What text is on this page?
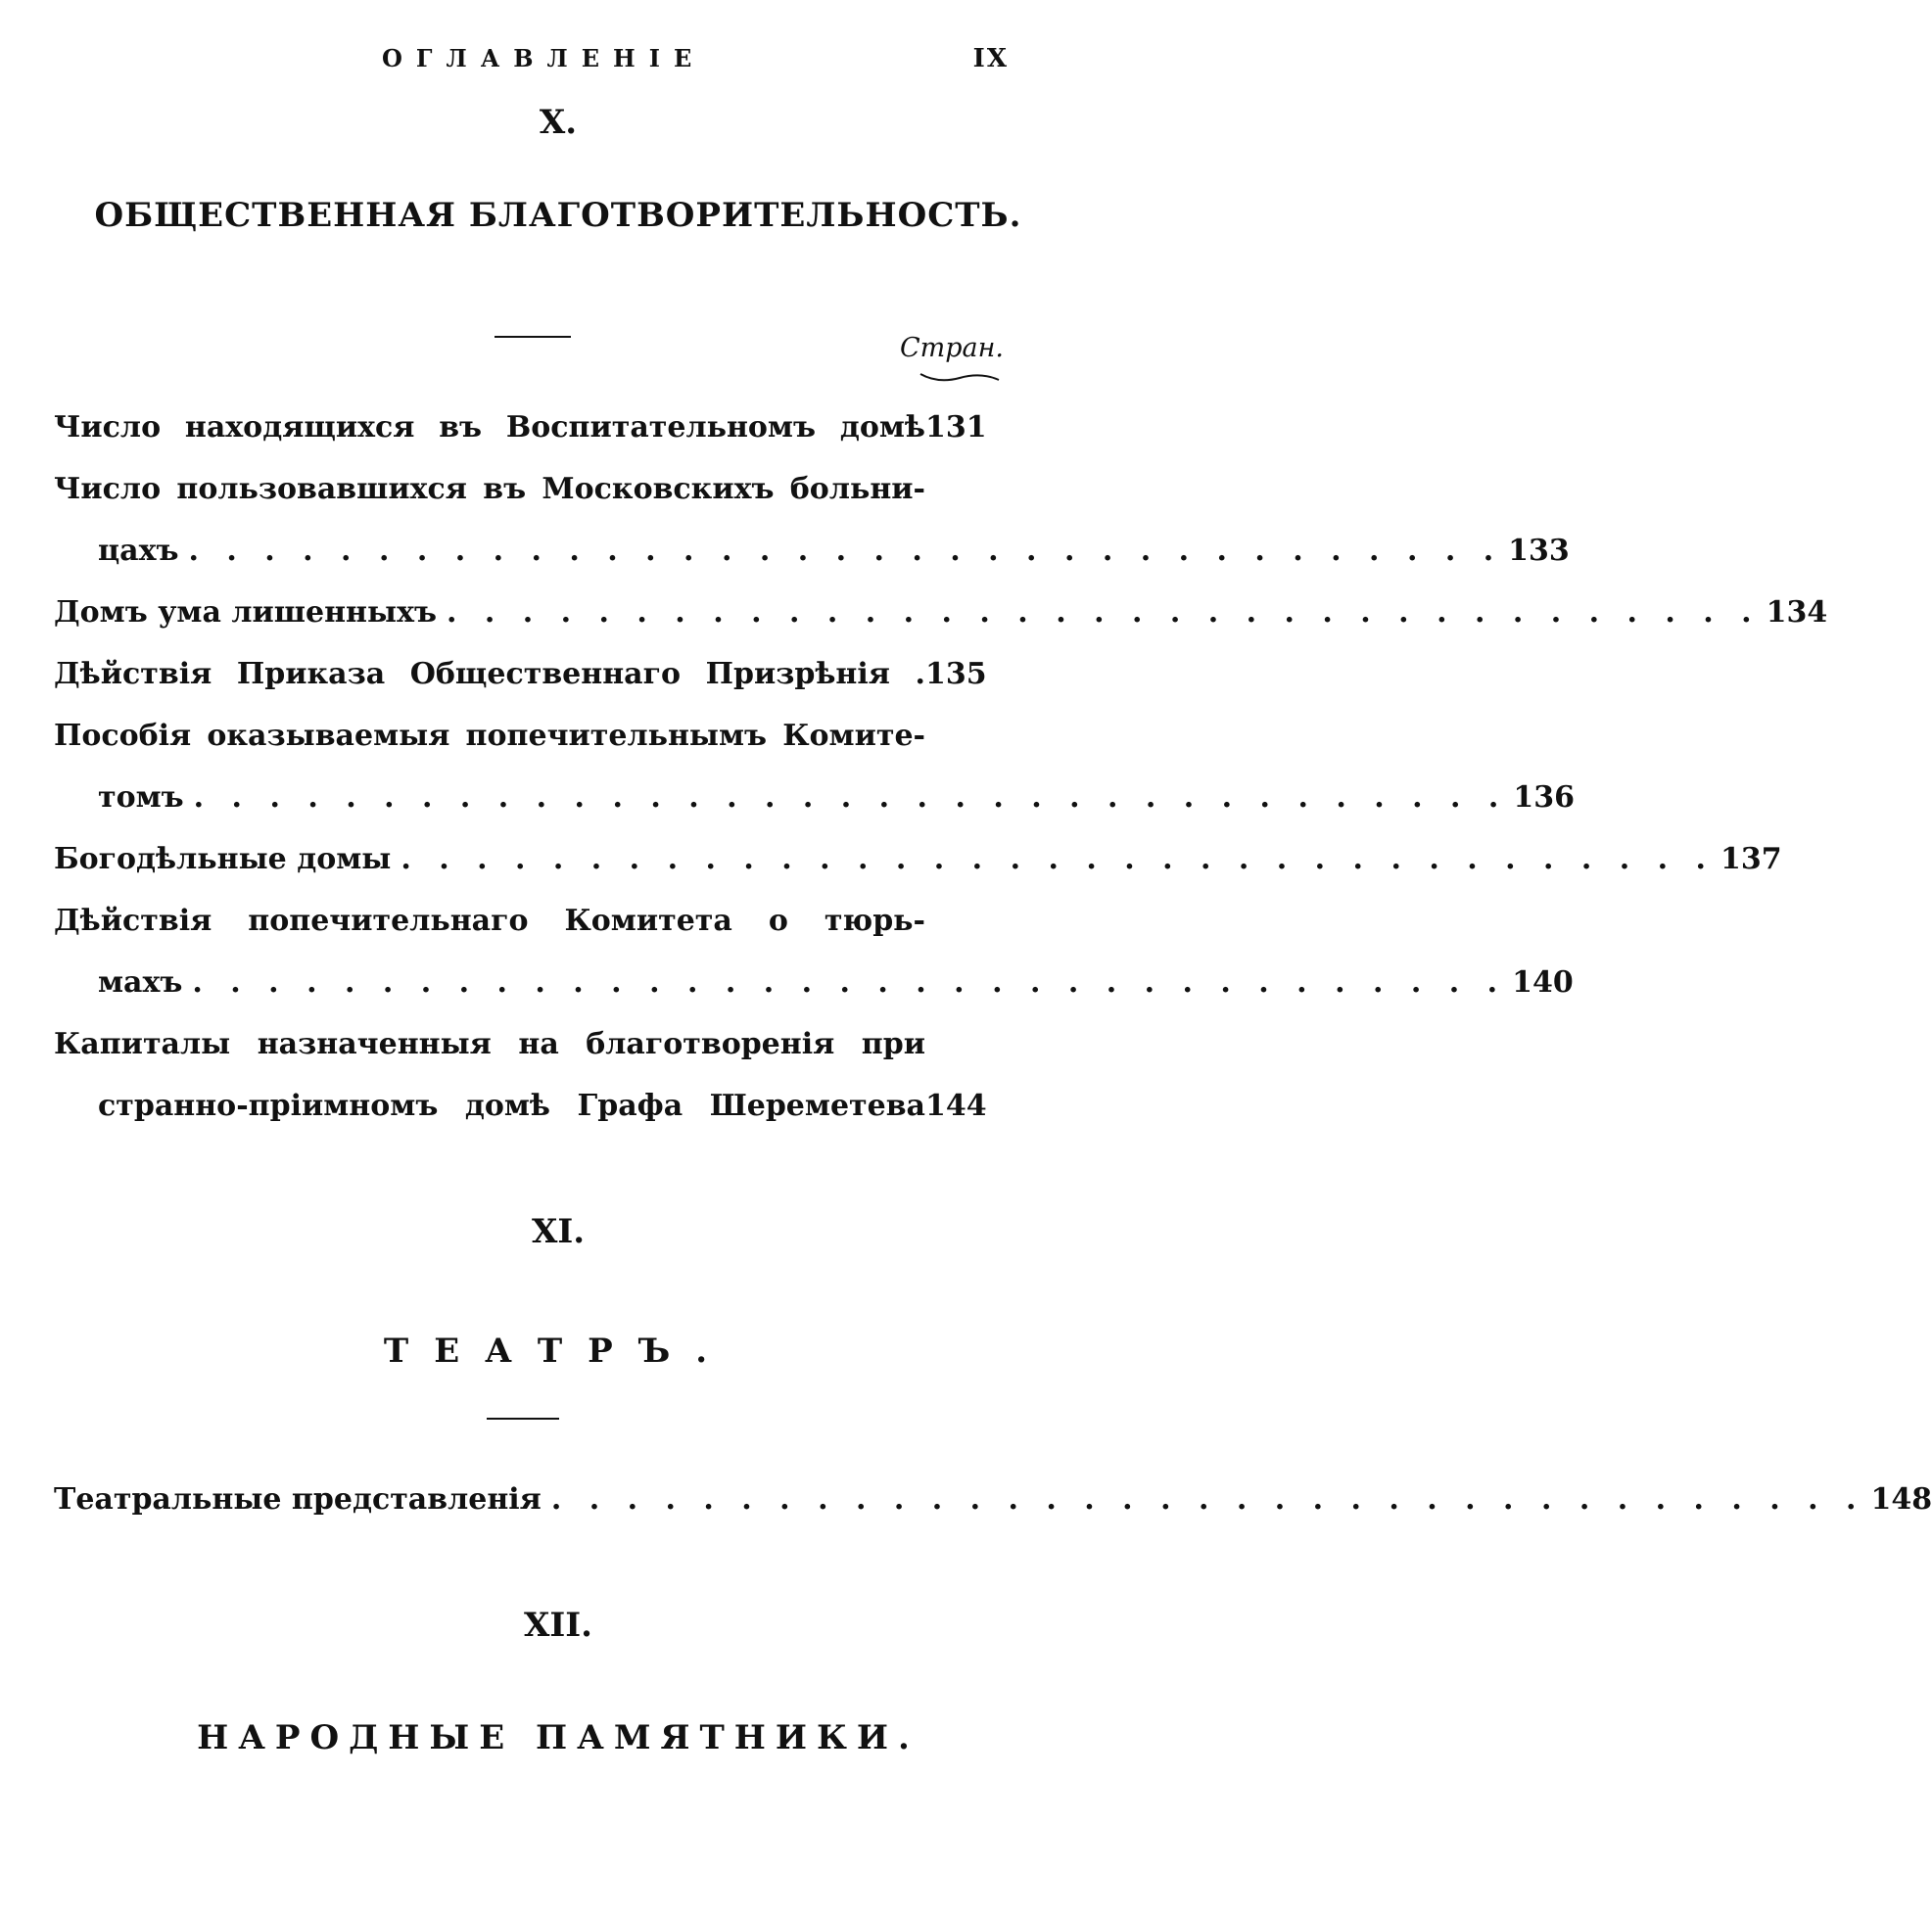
ОГЛАВЛЕНІЕ	IX
X.
ОБЩЕСТВЕННАЯ БЛАГОТВОРИТЕЛЬНОСТЬ.
Стран.
Число находящихся въ Воспитательномъ домѣ 131
Число пользовавшихся въ Московскихъ больни-
цахъ . . . . . . . . . . . . . . . . . . . . . . . . . . . . . . . . . . . 133
Домъ ума лишенныхъ . . . . . . . . . . . . . . . . . . . . . . . . . . . . . . . . . . . 134
Дѣйствія Приказа Общественнаго Призрѣнія . 135
Пособія оказываемыя попечительнымъ Комите-
томъ . . . . . . . . . . . . . . . . . . . . . . . . . . . . . . . . . . . 136
Богодѣльные домы . . . . . . . . . . . . . . . . . . . . . . . . . . . . . . . . . . . 137
Дѣйствія попечительнаго Комитета о тюрь-
махъ . . . . . . . . . . . . . . . . . . . . . . . . . . . . . . . . . . . 140
Капиталы назначенныя на благотворенія при
странно-пріимномъ домѣ Графа Шереметева 144
XI.
ТЕАТРЪ.
Театральные представленія . . . . . . . . . . . . . . . . . . . . . . . . . . . . . . . . . . . 148
XII.
НАРОДНЫЕ ПАМЯТНИКИ.
